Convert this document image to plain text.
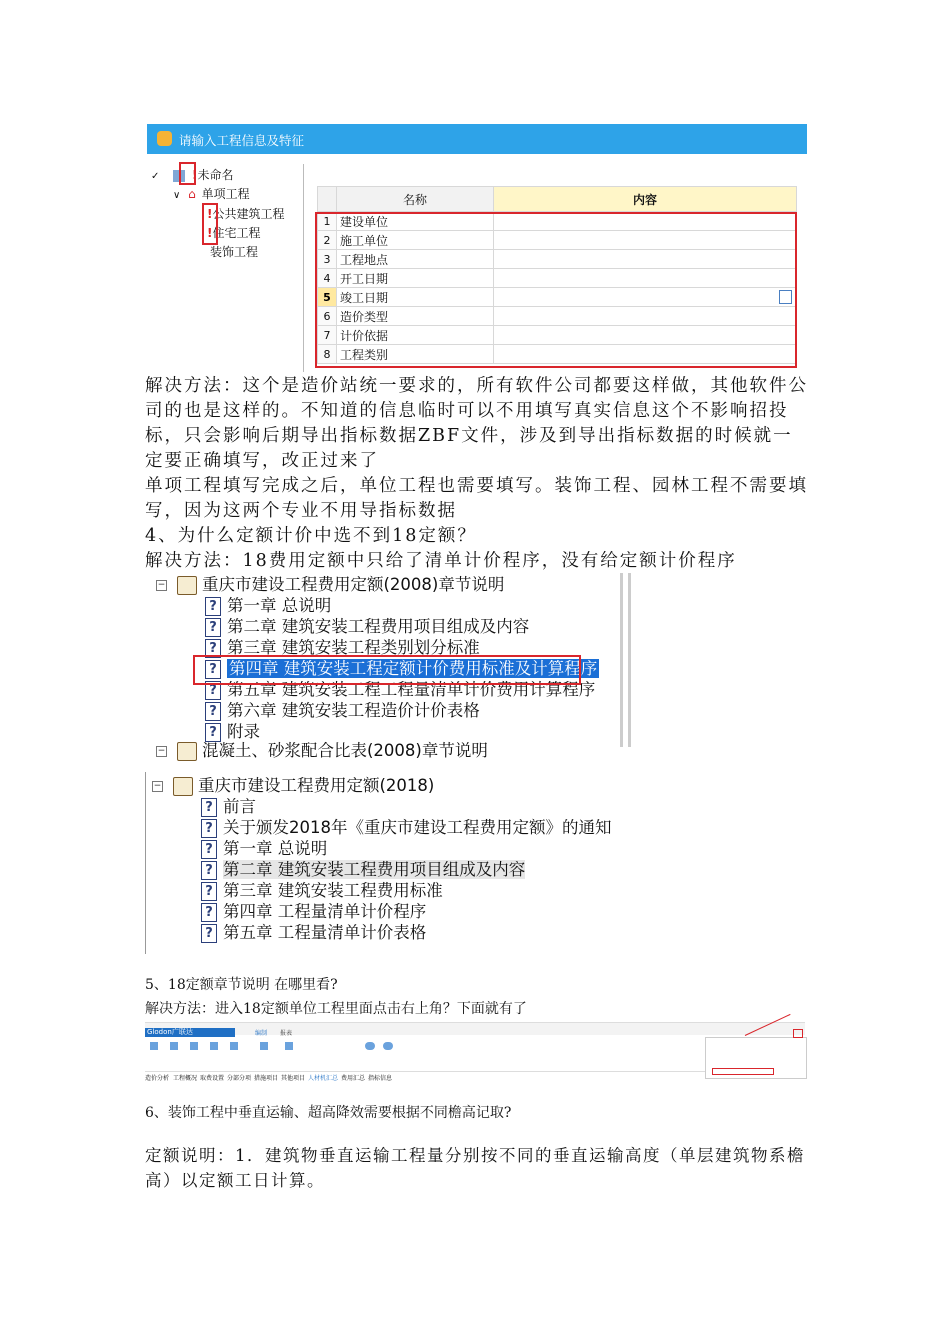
请输入工程信息及特征
✓	!未命名
∨ ⌂ 单项工程
!公共建筑工程
!住宅工程
装饰工程
	名称	内容
1	建设单位	
2	施工单位	
3	工程地点	
4	开工日期	
5	竣工日期	

6	造价类型	
7	计价依据	
8	工程类别	
解决方法：这个是造价站统一要求的，所有软件公司都要这样做，其他软件公司的也是这样的。不知道的信息临时可以不用填写真实信息这个不影响招投标，只会影响后期导出指标数据ZBF文件，涉及到导出指标数据的时候就一定要正确填写，改正过来了
单项工程填写完成之后，单位工程也需要填写。装饰工程、园林工程不需要填写，因为这两个专业不用导指标数据
4、为什么定额计价中选不到18定额？
解决方法：18费用定额中只给了清单计价程序，没有给定额计价程序
− 重庆市建设工程费用定额(2008)章节说明
? 第一章 总说明
? 第二章 建筑安装工程费用项目组成及内容
? 第三章 建筑安装工程类别划分标准
? 第四章 建筑安装工程定额计价费用标准及计算程序
? 第五章 建筑安装工程工程量清单计价费用计算程序
? 第六章 建筑安装工程造价计价表格
? 附录
− 混凝土、砂浆配合比表(2008)章节说明
− 重庆市建设工程费用定额(2018)
? 前言
? 关于颁发2018年《重庆市建设工程费用定额》的通知
? 第一章 总说明
? 第二章 建筑安装工程费用项目组成及内容
? 第三章 建筑安装工程费用标准
? 第四章 工程量清单计价程序
? 第五章 工程量清单计价表格
5、18定额章节说明 在哪里看?
解决方法：进入18定额单位工程里面点击右上角？下面就有了
Glodon广联达	编制 报表
造价分析 工程概况 取费设置 分部分项 措施项目 其他项目 人材机汇总 费用汇总 指标信息
6、装饰工程中垂直运输、超高降效需要根据不同檐高记取?
定额说明：1．建筑物垂直运输工程量分别按不同的垂直运输高度（单层建筑物系檐高）以定额工日计算。
